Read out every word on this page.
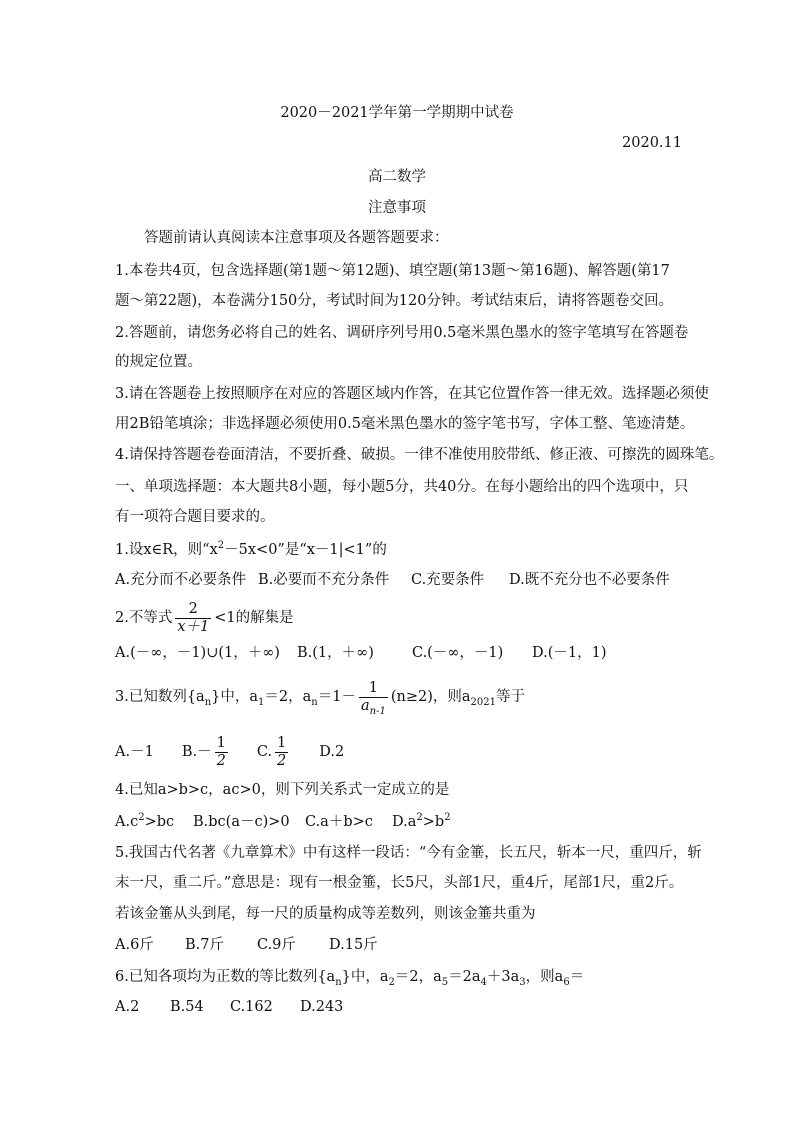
2020－2021学年第一学期期中试卷
2020.11
高二数学
注意事项
答题前请认真阅读本注意事项及各题答题要求：
1.本卷共4页，包含选择题(第1题～第12题)、填空题(第13题～第16题)、解答题(第17
题～第22题)，本卷满分150分，考试时间为120分钟。考试结束后，请将答题卷交回。
2.答题前，请您务必将自己的姓名、调研序列号用0.5毫米黑色墨水的签字笔填写在答题卷
的规定位置。
3.请在答题卷上按照顺序在对应的答题区域内作答，在其它位置作答一律无效。选择题必须使
用2B铅笔填涂；非选择题必须使用0.5毫米黑色墨水的签字笔书写，字体工整、笔迹清楚。
4.请保持答题卷卷面清洁，不要折叠、破损。一律不准使用胶带纸、修正液、可擦洗的圆珠笔。
一、单项选择题：本大题共8小题，每小题5分，共40分。在每小题给出的四个选项中，只
有一项符合题目要求的。
1.设x∈R，则“$x^2-5x<0$”是“x－1|<1”的
A.充分而不必要条件 B.必要而不充分条件 C.充要条件 D.既不充分也不必要条件
2.不等式 $\frac{2}{x+1} <1$的解集是
A.(－∞，－1)∪(1，＋∞) B.(1，＋∞)	C.(－∞，－1) D.(－1，1)
3.已知数列$\{a_n\}$中，$a_1=2$，$a_n=1- \frac{1}{a_{n-1}} (n\ge 2)$，则$a_{2021}$等于
A.－1 $B.- \frac{1}{2} C$. $\frac{1}{2} D.2$
4.已知a>b>c，ac>0，则下列关系式一定成立的是
$A.c^2>bc$ B.bc(a－c)>0 C.a＋b>c $D.a^2>b^2$
5.我国古代名著《九章算术》中有这样一段话：“今有金箠，长五尺，斩本一尺，重四斤，斩
末一尺，重二斤。”意思是：现有一根金箠，长5尺，头部1尺，重4斤，尾部1尺，重2斤。
若该金箠从头到尾，每一尺的质量构成等差数列，则该金箠共重为
A.6斤 B.7斤 C.9斤 D.15斤
6.已知各项均为正数的等比数列$\{a_n\}$中，$a_2=2$，$a_5=2a_4+3a_3$，则$a_6=$
A.2 B.54 C.162 D.243
